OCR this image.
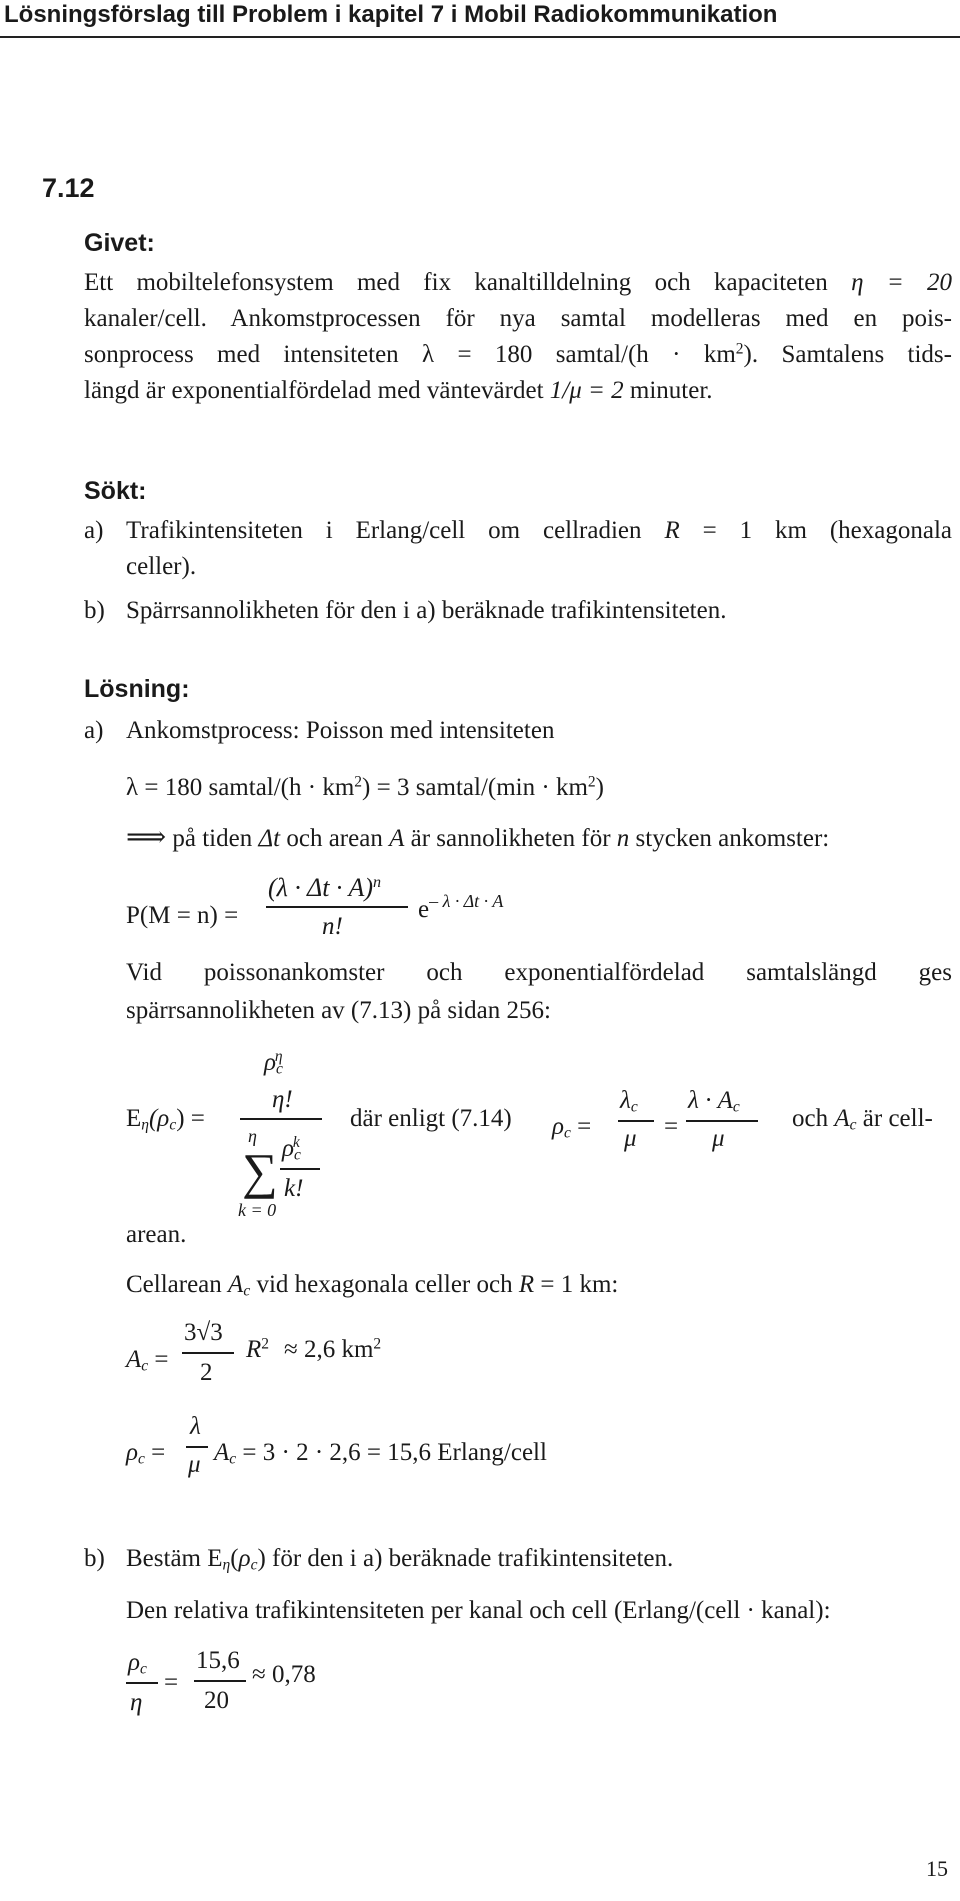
Lösningsförslag till Problem i kapitel 7 i Mobil Radiokommunikation
7.12
Givet:
Ett mobiltelefonsystem med fix kanaltilldelning och kapaciteten η = 20
kanaler/cell. Ankomstprocessen för nya samtal modelleras med en pois-
sonprocess med intensiteten λ = 180 samtal/(h · $km^2$). Samtalens tids-
längd är exponentialfördelad med väntevärdet 1/μ = 2 minuter.
Sökt:
a) Trafikintensiteten i Erlang/cell om cellradien R = 1 km (hexagonala
celler).
b) Spärrsannolikheten för den i a) beräknade trafikintensiteten.
Lösning:
a) Ankomstprocess: Poisson med intensiteten
λ = 180 samtal/(h · $km^2) = 3$ samtal/(min · $km^2$)
⟹ på tiden Δt och arean A är sannolikheten för n stycken ankomster:
P(M = n) =
$(\lambda \cdot \Delta t \cdot A)^n$
n!
$e^{- \lambda \cdot \Delta t \cdot A}$
Vid poissonankomster och exponentialfördelad samtalslängd ges
spärrsannolikheten av (7.13) på sidan 256:
$E_\eta(\rho_c)$ =
$\rho_c^\eta$
η!
η
∑
k = 0
$\rho_c^k$
k!
där enligt (7.14) $\rho_c$ =
$\lambda_c$
μ =
$\lambda \cdot A_c$
μ
och $A_c$ är cell-
arean.
Cellarean $A_c$ vid hexagonala celler och R = 1 km:
$A_c$ =
3√3
2
$R^2 \approx 2,6$ $km^2$
$\rho_c$ =
λ
μ $A_c = 3 \cdot 2 \cdot 2,6 = 15,6$ Erlang/cell
b) Bestäm $E_\eta(\rho_c)$ för den i a) beräknade trafikintensiteten.
Den relativa trafikintensiteten per kanal och cell (Erlang/(cell · kanal):
$\rho_c$
η
=
15,6
20
≈ 0,78
15
